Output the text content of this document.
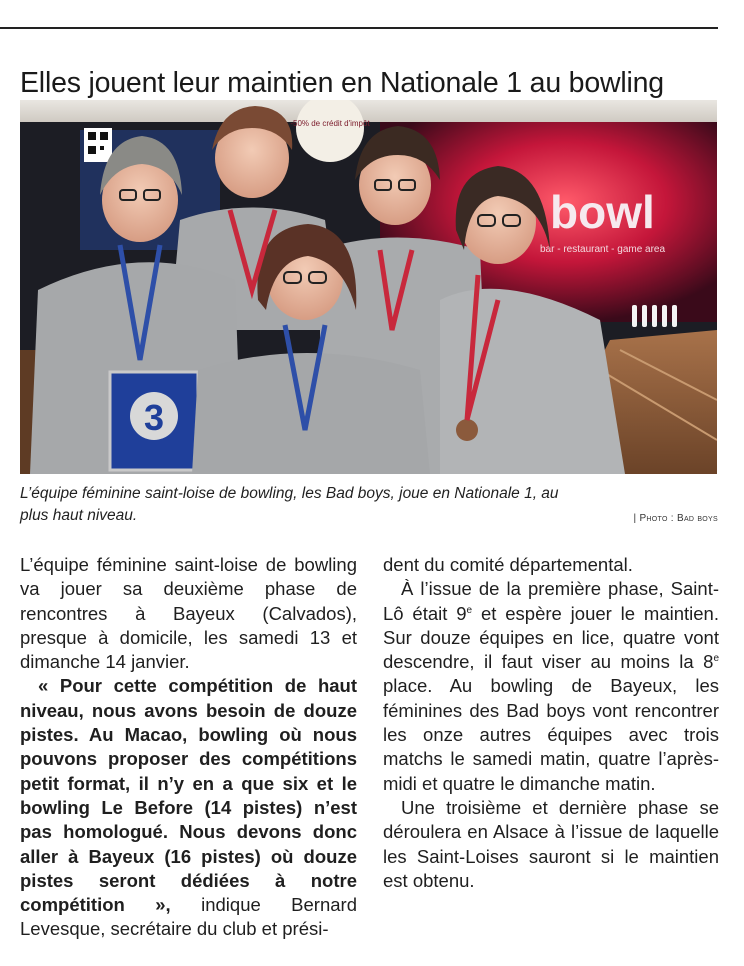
Elles jouent leur maintien en Nationale 1 au bowling
bowl
bar - restaurant - game area
-50% de crédit d'impôt
3
L’équipe féminine saint-loise de bowling, les Bad boys, joue en Nationale 1, au plus haut niveau.	| Photo : Bad boys

L’équipe féminine saint-loise de bowling va jouer sa deuxième phase de rencontres à Bayeux (Calvados), presque à domicile, les samedi 13 et dimanche 14 janvier.

« Pour cette compétition de haut niveau, nous avons besoin de douze pistes. Au Macao, bowling où nous pouvons proposer des compétitions petit format, il n’y en a que six et le bowling Le Before (14 pistes) n’est pas homologué. Nous devons donc aller à Bayeux (16 pistes) où douze pistes seront dédiées à notre compétition », indique Bernard Levesque, secrétaire du club et prési-

dent du comité départemental.

À l’issue de la première phase, Saint-Lô était 9e et espère jouer le maintien. Sur douze équipes en lice, quatre vont descendre, il faut viser au moins la 8e place. Au bowling de Bayeux, les féminines des Bad boys vont rencontrer les onze autres équipes avec trois matchs le samedi matin, quatre l’après-midi et quatre le dimanche matin.

Une troisième et dernière phase se déroulera en Alsace à l’issue de laquelle les Saint-Loises sauront si le maintien est obtenu.
